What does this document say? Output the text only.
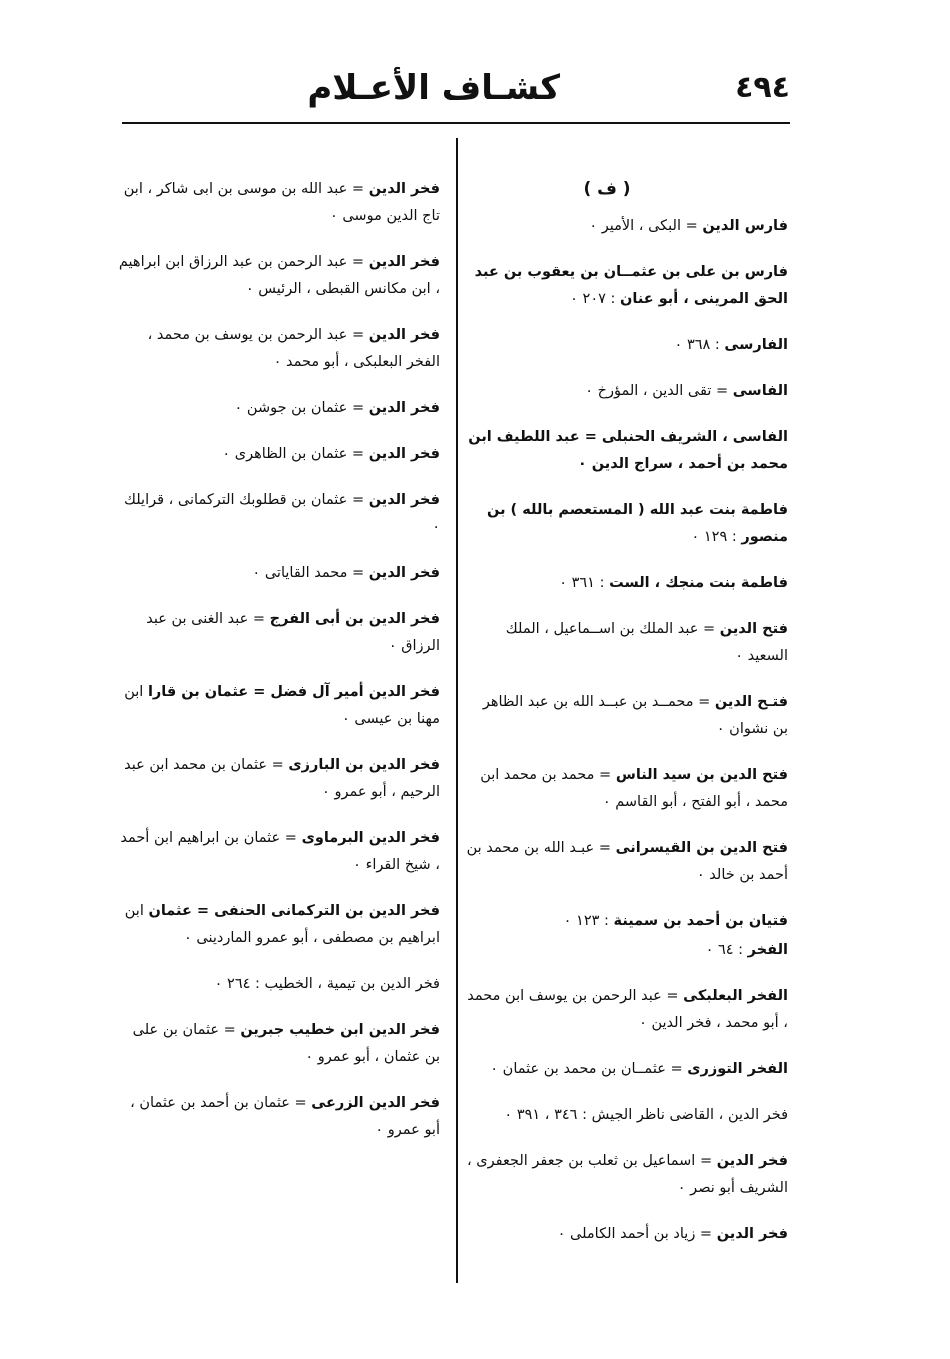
٤٩٤
كشـاف الأعـلام
( ف )
فارس الدين = البكى ، الأمير ٠
فارس بن على بن عثمــان بن يعقوب بن عبد الحق المرينى ، أبو عنان : ٢٠٧ ٠
الفارسى : ٣٦٨ ٠
الفاسى = تقى الدين ، المؤرخ ٠
الفاسى ، الشريف الحنبلى = عبد اللطيف ابن محمد بن أحمد ، سراج الدين ٠
فاطمة بنت عبد الله ( المستعصم بالله ) بن منصور : ١٢٩ ٠
فاطمة بنت منجك ، الست : ٣٦١ ٠
فتح الدين = عبد الملك بن اســماعيل ، الملك السعيد ٠
فتـح الدين = محمــد بن عبــد الله بن عبد الظاهر بن نشوان ٠
فتح الدين بن سيد الناس = محمد بن محمد ابن محمد ، أبو الفتح ، أبو القاسم ٠
فتح الدين بن القيسرانى = عبـد الله بن محمد بن أحمد بن خالد ٠
فتيان بن أحمد بن سمينة : ١٢٣ ٠
الفخر : ٦٤ ٠
الفخر البعلبكى = عبد الرحمن بن يوسف ابن محمد ، أبو محمد ، فخر الدين ٠
الفخر التوزرى = عثمــان بن محمد بن عثمان ٠
فخر الدين ، القاضى ناظر الجيش : ٣٤٦ ، ٣٩١ ٠
فخر الدين = اسماعيل بن ثعلب بن جعفر الجعفرى ، الشريف أبو نصر ٠
فخر الدين = زياد بن أحمد الكاملى ٠
فخر الدين = عبد الله بن موسى بن ابى شاكر ، ابن تاج الدين موسى ٠
فخر الدين = عبد الرحمن بن عبد الرزاق ابن ابراهيم ، ابن مكانس القبطى ، الرئيس ٠
فخر الدين = عبد الرحمن بن يوسف بن محمد ، الفخر البعلبكى ، أبو محمد ٠
فخر الدين = عثمان بن جوشن ٠
فخر الدين = عثمان بن الظاهرى ٠
فخر الدين = عثمان بن قطلوبك التركمانى ، قرايلك ٠
فخر الدين = محمد القاياتى ٠
فخر الدين بن أبى الفرج = عبد الغنى بن عبد الرزاق ٠
فخر الدين أمير آل فضل = عثمان بن قارا ابن مهنا بن عيسى ٠
فخر الدين بن البارزى = عثمان بن محمد ابن عبد الرحيم ، أبو عمرو ٠
فخر الدين البرماوى = عثمان بن ابراهيم ابن أحمد ، شيخ القراء ٠
فخر الدين بن التركمانى الحنفى = عثمان ابن ابراهيم بن مصطفى ، أبو عمرو الماردينى ٠
فخر الدين بن تيمية ، الخطيب : ٢٦٤ ٠
فخر الدين ابن خطيب جبرين = عثمان بن على بن عثمان ، أبو عمرو ٠
فخر الدين الزرعى = عثمان بن أحمد بن عثمان ، أبو عمرو ٠
